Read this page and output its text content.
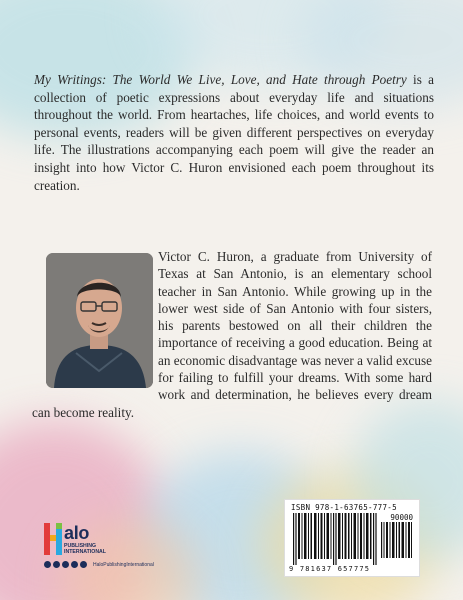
My Writings: The World We Live, Love, and Hate through Poetry is a collection of poetic expressions about everyday life and situations throughout the world. From heartaches, life choices, and world events to personal events, readers will be given different perspectives on everyday life. The illustrations accompanying each poem will give the reader an insight into how Victor C. Huron envisioned each poem throughout its creation.
Victor C. Huron, a graduate from University of Texas at San Antonio, is an elementary school teacher in San Antonio. While growing up in the lower west side of San Antonio with four sisters, his parents bestowed on all their children the importance of receiving a good education. Being at an economic disadvantage was never a valid excuse for failing to fulfill your dreams. With some hard work and determination, he believes every dream can become reality.
ISBN 978-1-63765-777-5
90000
9 781637 657775
alo
PUBLISHING
INTERNATIONAL
HaloPublishingInternational
